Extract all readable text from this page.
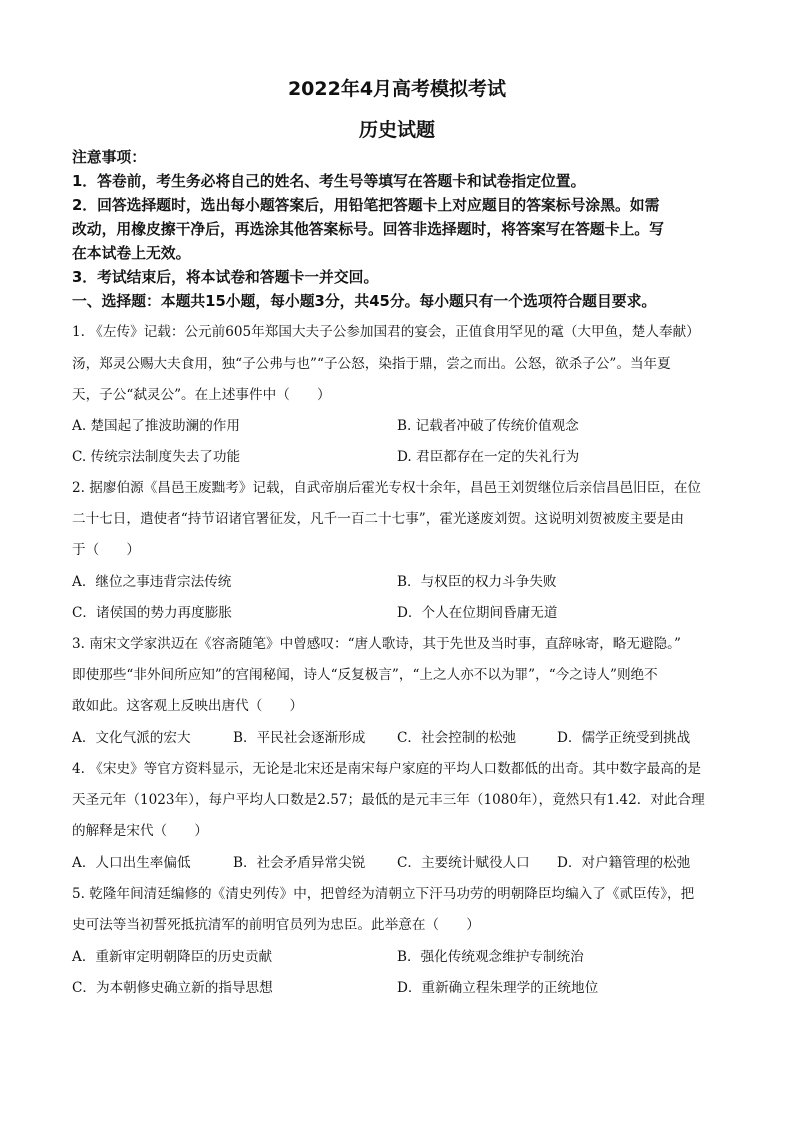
2022年4月高考模拟考试
历史试题
注意事项：
1．答卷前，考生务必将自己的姓名、考生号等填写在答题卡和试卷指定位置。
2．回答选择题时，选出每小题答案后，用铅笔把答题卡上对应题目的答案标号涂黑。如需
改动，用橡皮擦干净后，再选涂其他答案标号。回答非选择题时，将答案写在答题卡上。写
在本试卷上无效。
3．考试结束后，将本试卷和答题卡一并交回。
一、选择题：本题共15小题，每小题3分，共45分。每小题只有一个选项符合题目要求。
1. 《左传》记载：公元前605年郑国大夫子公参加国君的宴会，正值食用罕见的鼋（大甲鱼，楚人奉献）
汤，郑灵公赐大夫食用，独“子公弗与也”“子公怒，染指于鼎，尝之而出。公怒，欲杀子公”。当年夏
天，子公“弑灵公”。在上述事件中（　　）
A. 楚国起了推波助澜的作用	B. 记载者冲破了传统价值观念
C. 传统宗法制度失去了功能	D. 君臣都存在一定的失礼行为
2. 据廖伯源《昌邑王废黜考》记载，自武帝崩后霍光专权十余年，昌邑王刘贺继位后亲信昌邑旧臣，在位
二十七日，遣使者“持节诏诸官署征发，凡千一百二十七事”，霍光遂废刘贺。这说明刘贺被废主要是由
于（　　）
A．继位之事违背宗法传统	B．与权臣的权力斗争失败
C．诸侯国的势力再度膨胀	D．个人在位期间昏庸无道
3. 南宋文学家洪迈在《容斋随笔》中曾感叹：“唐人歌诗，其于先世及当时事，直辞咏寄，略无避隐。”
即使那些“非外间所应知”的宫闱秘闻，诗人“反复极言”，“上之人亦不以为罪”，“今之诗人”则绝不
敢如此。这客观上反映出唐代（　　）
A．文化气派的宏大	B．平民社会逐渐形成 C．社会控制的松弛	D．儒学正统受到挑战
4. 《宋史》等官方资料显示，无论是北宋还是南宋每户家庭的平均人口数都低的出奇。其中数字最高的是
天圣元年（1023年），每户平均人口数是2.57；最低的是元丰三年（1080年），竟然只有1.42．对此合理
的解释是宋代（　　）
A．人口出生率偏低	B．社会矛盾异常尖锐 C．主要统计赋役人口 D．对户籍管理的松弛
5. 乾隆年间清廷编修的《清史列传》中，把曾经为清朝立下汗马功劳的明朝降臣均编入了《贰臣传》，把
史可法等当初誓死抵抗清军的前明官员列为忠臣。此举意在（　　）
A．重新审定明朝降臣的历史贡献	B．强化传统观念维护专制统治
C．为本朝修史确立新的指导思想	D．重新确立程朱理学的正统地位
